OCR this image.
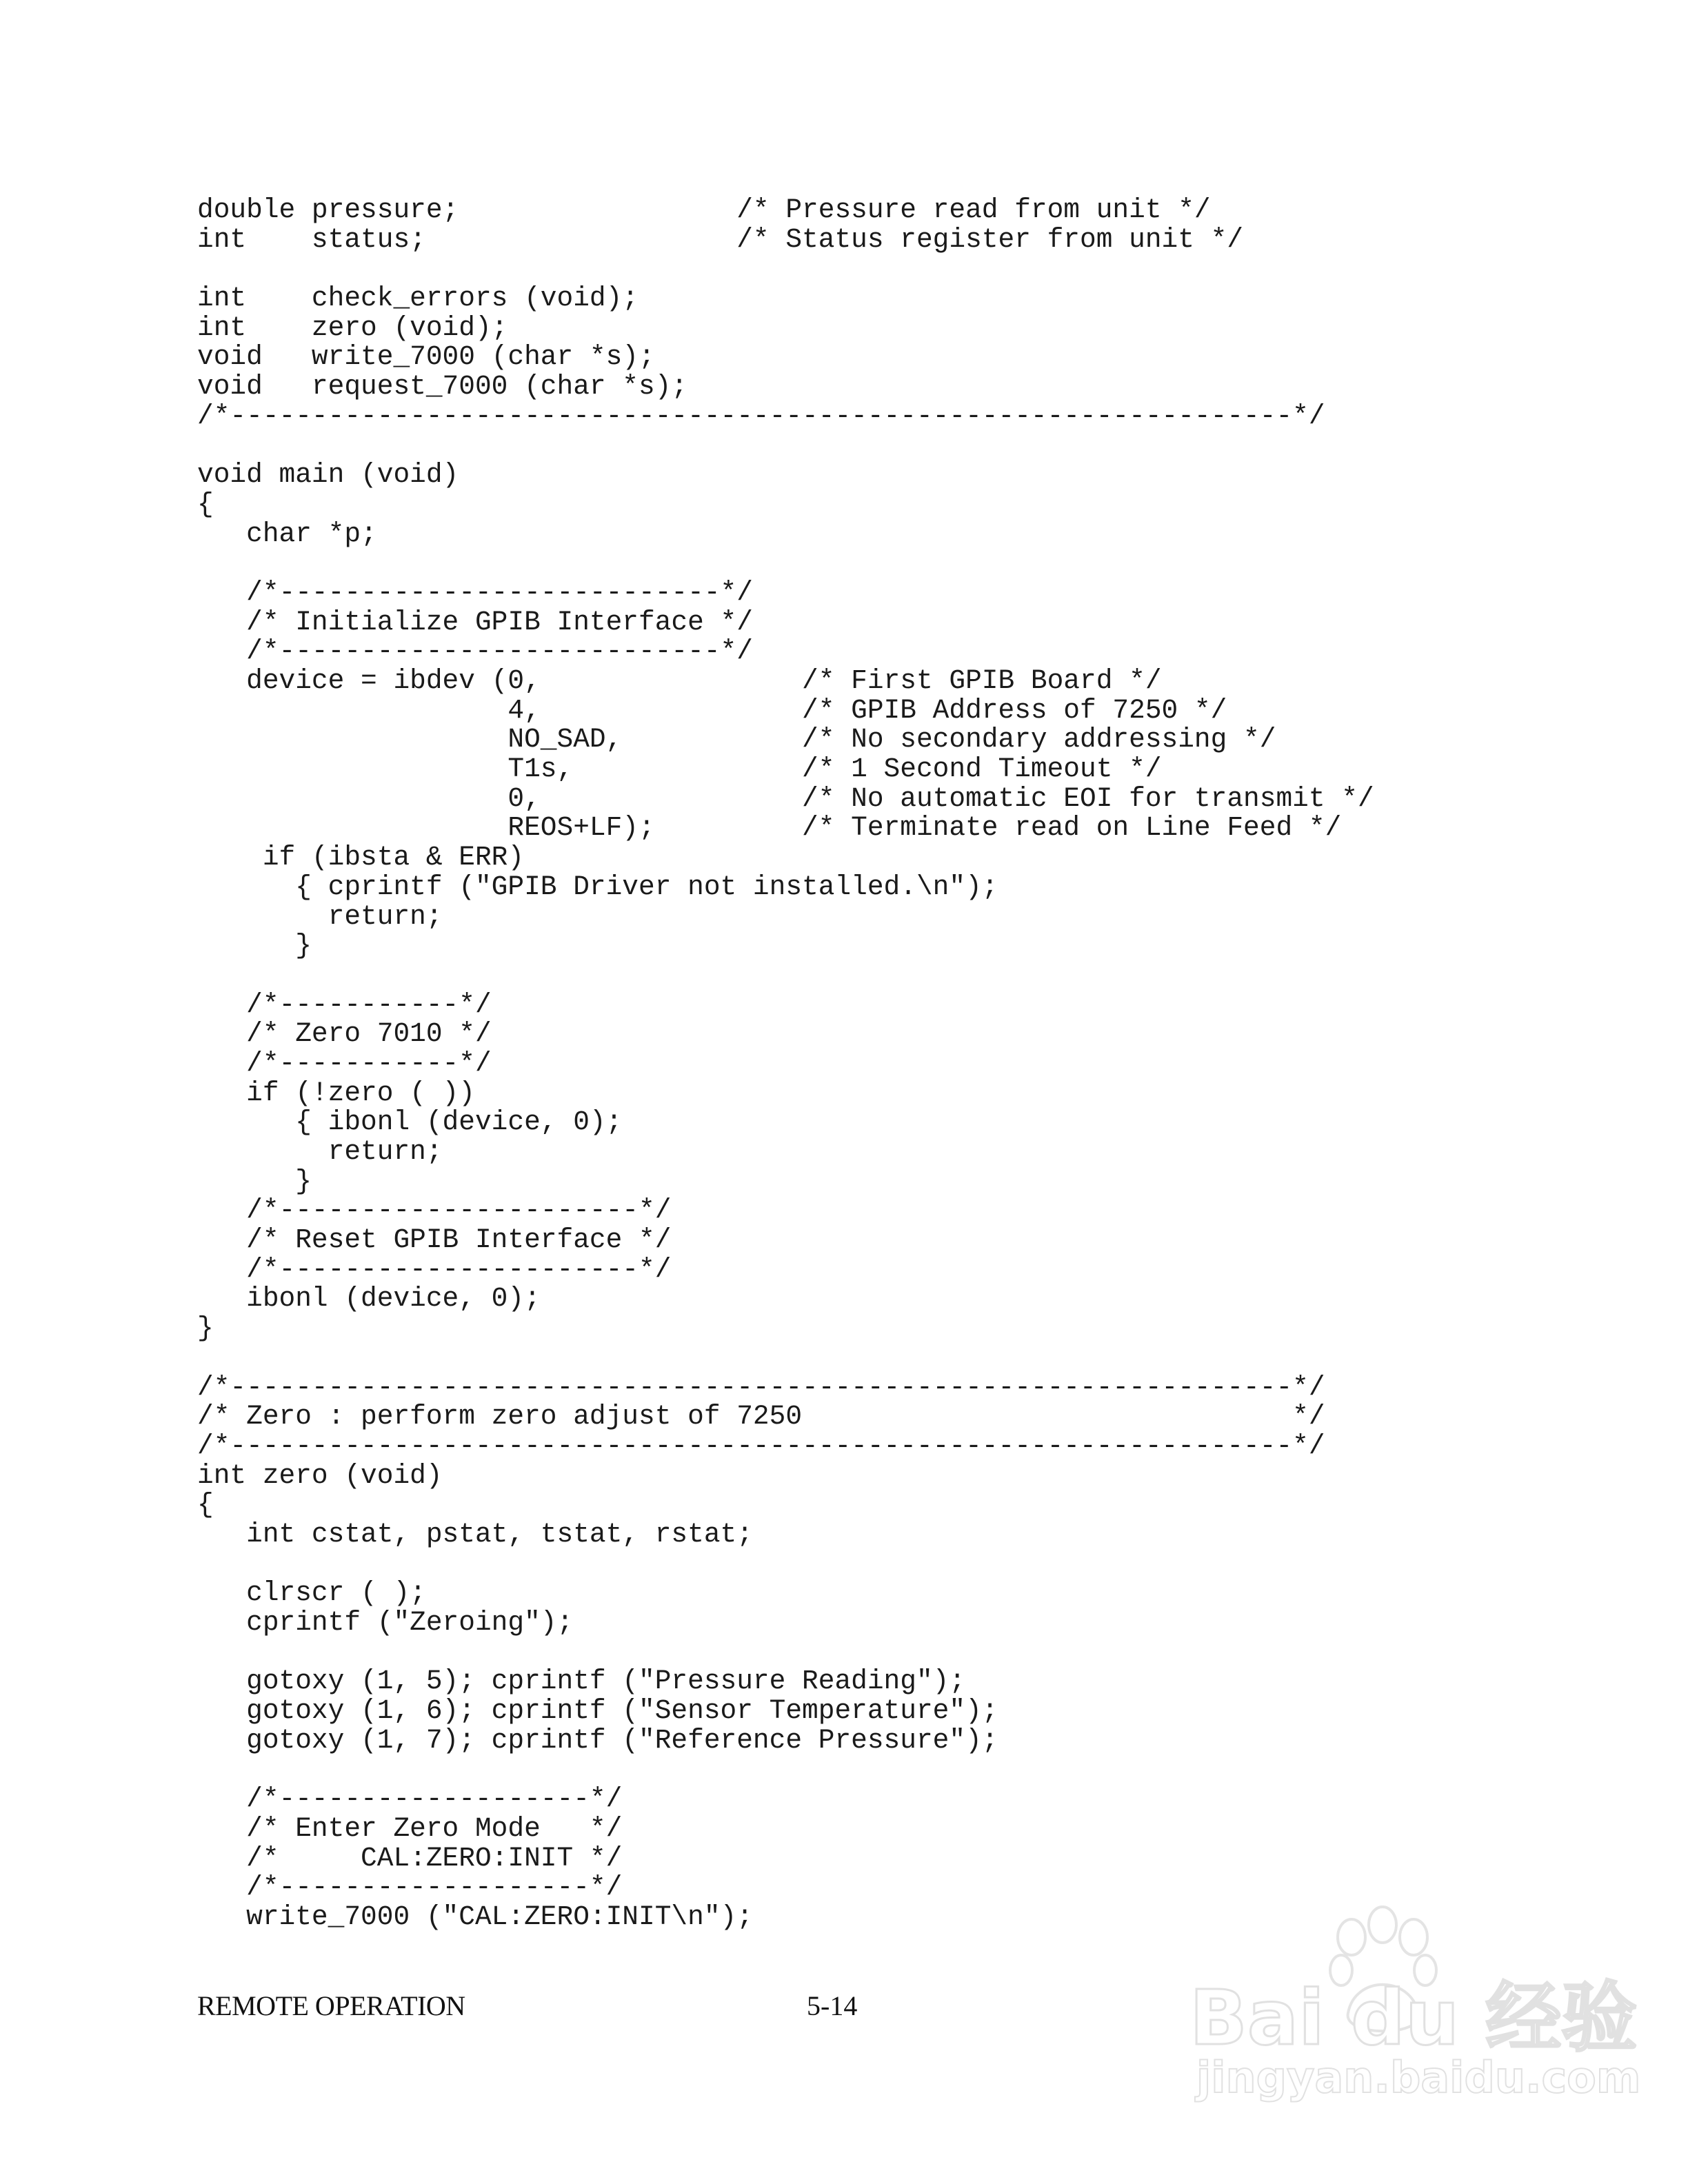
double pressure;                 /* Pressure read from unit */
int    status;                   /* Status register from unit */
int    check_errors (void);
int    zero (void);
void   write_7000 (char *s);
void   request_7000 (char *s);
/*-----------------------------------------------------------------*/
void main (void)
{
char *p;
/*---------------------------*/
/* Initialize GPIB Interface */
/*---------------------------*/
device = ibdev (0,                /* First GPIB Board */
4,                /* GPIB Address of 7250 */
NO_SAD,           /* No secondary addressing */
T1s,              /* 1 Second Timeout */
0,                /* No automatic EOI for transmit */
REOS+LF);         /* Terminate read on Line Feed */
if (ibsta & ERR)
{ cprintf ("GPIB Driver not installed.\n");
return;
}
/*-----------*/
/* Zero 7010 */
/*-----------*/
if (!zero ( ))
{ ibonl (device, 0);
return;
}
/*----------------------*/
/* Reset GPIB Interface */
/*----------------------*/
ibonl (device, 0);
}
/*-----------------------------------------------------------------*/
/* Zero : perform zero adjust of 7250                              */
/*-----------------------------------------------------------------*/
int zero (void)
{
int cstat, pstat, tstat, rstat;
clrscr ( );
cprintf ("Zeroing");
gotoxy (1, 5); cprintf ("Pressure Reading");
gotoxy (1, 6); cprintf ("Sensor Temperature");
gotoxy (1, 7); cprintf ("Reference Pressure");
/*-------------------*/
/* Enter Zero Mode   */
/*     CAL:ZERO:INIT */
/*-------------------*/
write_7000 ("CAL:ZERO:INIT\n");
REMOTE OPERATION	5-14	Bai du 经验
jingyan.baidu.com
